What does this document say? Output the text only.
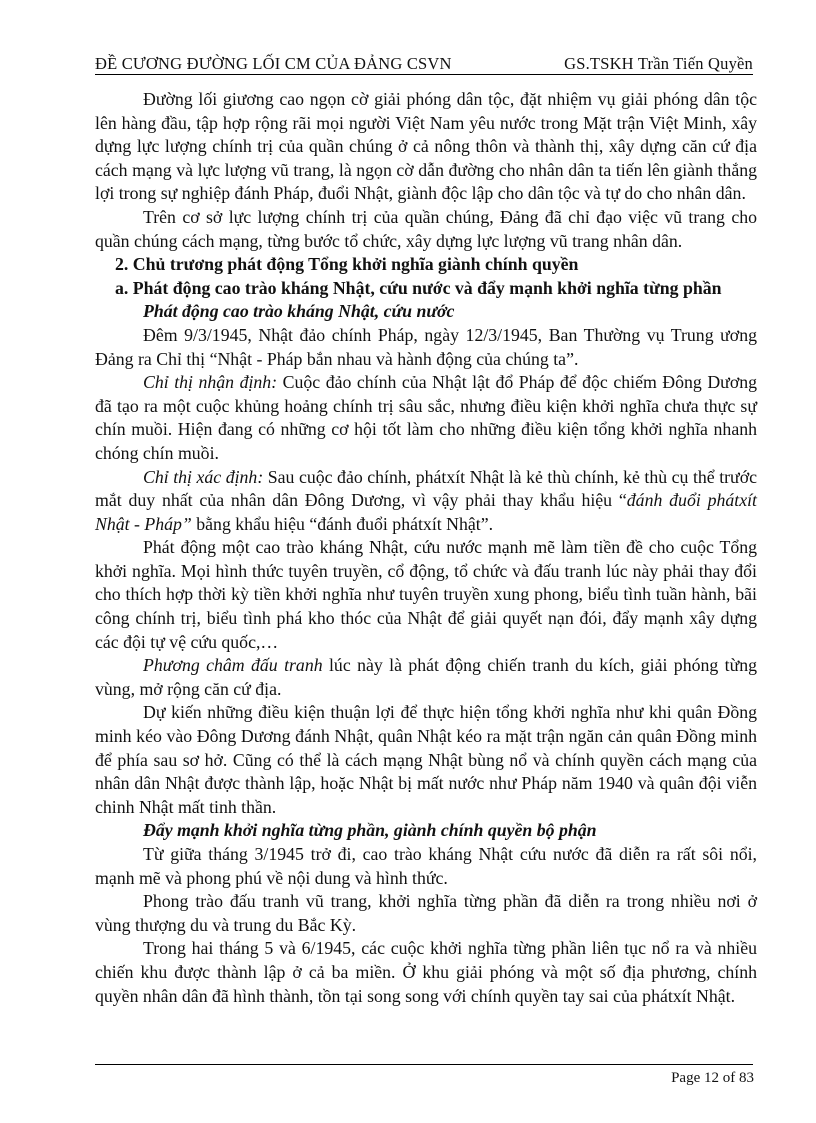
ĐỀ CƯƠNG ĐƯỜNG LỐI CM CỦA ĐẢNG CSVN	GS.TSKH Trần Tiến Quyền

Đường lối giương cao ngọn cờ giải phóng dân tộc, đặt nhiệm vụ giải phóng dân tộc lên hàng đầu, tập hợp rộng rãi mọi người Việt Nam yêu nước trong Mặt trận Việt Minh, xây dựng lực lượng chính trị của quần chúng ở cả nông thôn và thành thị, xây dựng căn cứ địa cách mạng và lực lượng vũ trang, là ngọn cờ dẫn đường cho nhân dân ta tiến lên giành thắng lợi trong sự nghiệp đánh Pháp, đuổi Nhật, giành độc lập cho dân tộc và tự do cho nhân dân.

Trên cơ sở lực lượng chính trị của quần chúng, Đảng đã chỉ đạo việc vũ trang cho quần chúng cách mạng, từng bước tổ chức, xây dựng lực lượng vũ trang nhân dân.

2. Chủ trương phát động Tổng khởi nghĩa giành chính quyền

a. Phát động cao trào kháng Nhật, cứu nước và đẩy mạnh khởi nghĩa từng phần

Phát động cao trào kháng Nhật, cứu nước

Đêm 9/3/1945, Nhật đảo chính Pháp, ngày 12/3/1945, Ban Thường vụ Trung ương Đảng ra Chỉ thị “Nhật - Pháp bắn nhau và hành động của chúng ta”.

Chỉ thị nhận định: Cuộc đảo chính của Nhật lật đổ Pháp để độc chiếm Đông Dương đã tạo ra một cuộc khủng hoảng chính trị sâu sắc, nhưng điều kiện khởi nghĩa chưa thực sự chín muồi. Hiện đang có những cơ hội tốt làm cho những điều kiện tổng khởi nghĩa nhanh chóng chín muồi.

Chỉ thị xác định: Sau cuộc đảo chính, phátxít Nhật là kẻ thù chính, kẻ thù cụ thể trước mắt duy nhất của nhân dân Đông Dương, vì vậy phải thay khẩu hiệu “đánh đuổi phátxít Nhật - Pháp” bằng khẩu hiệu “đánh đuổi phátxít Nhật”.

Phát động một cao trào kháng Nhật, cứu nước mạnh mẽ làm tiền đề cho cuộc Tổng khởi nghĩa. Mọi hình thức tuyên truyền, cổ động, tổ chức và đấu tranh lúc này phải thay đổi cho thích hợp thời kỳ tiền khởi nghĩa như tuyên truyền xung phong, biểu tình tuần hành, bãi công chính trị, biểu tình phá kho thóc của Nhật để giải quyết nạn đói, đẩy mạnh xây dựng các đội tự vệ cứu quốc,…

Phương châm đấu tranh lúc này là phát động chiến tranh du kích, giải phóng từng vùng, mở rộng căn cứ địa.

Dự kiến những điều kiện thuận lợi để thực hiện tổng khởi nghĩa như khi quân Đồng minh kéo vào Đông Dương đánh Nhật, quân Nhật kéo ra mặt trận ngăn cản quân Đồng minh để phía sau sơ hở. Cũng có thể là cách mạng Nhật bùng nổ và chính quyền cách mạng của nhân dân Nhật được thành lập, hoặc Nhật bị mất nước như Pháp năm 1940 và quân đội viễn chinh Nhật mất tinh thần.

Đẩy mạnh khởi nghĩa từng phần, giành chính quyền bộ phận

Từ giữa tháng 3/1945 trở đi, cao trào kháng Nhật cứu nước đã diễn ra rất sôi nổi, mạnh mẽ và phong phú về nội dung và hình thức.

Phong trào đấu tranh vũ trang, khởi nghĩa từng phần đã diễn ra trong nhiều nơi ở vùng thượng du và trung du Bắc Kỳ.

Trong hai tháng 5 và 6/1945, các cuộc khởi nghĩa từng phần liên tục nổ ra và nhiều chiến khu được thành lập ở cả ba miền. Ở khu giải phóng và một số địa phương, chính quyền nhân dân đã hình thành, tồn tại song song với chính quyền tay sai của phátxít Nhật.

Page 12 of 83
